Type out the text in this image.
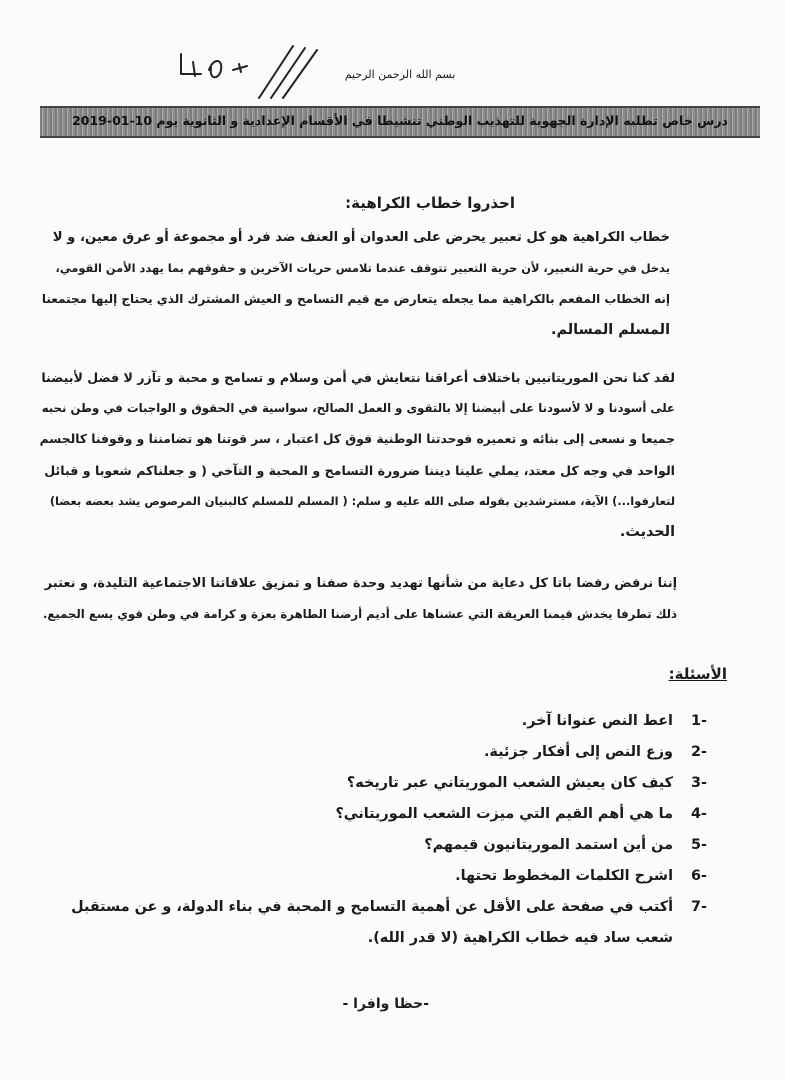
بسم الله الرحمن الرحيم
درس خاص تطلبه الإدارة الجهوية للتهذيب الوطني تنشيطا في الأقسام الإعدادية و الثانوية يوم 10-01-2019
احذروا خطاب الكراهية:
خطاب الكراهية هو كل تعبير يحرض على العدوان أو العنف ضد فرد أو مجموعة أو عرق معين، و لا
يدخل في حرية التعبير، لأن حرية التعبير تتوقف عندما تلامس حريات الآخرين و حقوقهم بما يهدد الأمن القومي،
إنه الخطاب المفعم بالكراهية مما يجعله يتعارض مع قيم التسامح و العيش المشترك الذي يحتاج إليها مجتمعنا
المسلم المسالم.
لقد كنا نحن الموريتانيين باختلاف أعراقنا نتعايش في أمن وسلام و تسامح و محبة و تآزر لا فضل لأبيضنا
على أسودنا و لا لأسودنا على أبيضنا إلا بالتقوى و العمل الصالح، سواسية في الحقوق و الواجبات في وطن نحبه
جميعا و نسعى إلى بنائه و تعميره فوحدتنا الوطنية فوق كل اعتبار ، سر قوتنا هو تضامننا و وقوفنا كالجسم
الواحد في وجه كل معتد، يملي علينا ديننا ضرورة التسامح و المحبة و التآخي ( و جعلناكم شعوبا و قبائل
لتعارفوا...) الآية، مسترشدين بقوله صلى الله عليه و سلم: ( المسلم للمسلم كالبنيان المرصوص يشد بعضه بعضا)
الحديث.
إننا نرفض رفضا باتا كل دعاية من شأنها تهديد وحدة صفنا و تمزيق علاقاتنا الاجتماعية التليدة، و نعتبر
ذلك تطرفا يخدش قيمنا العريقة التي عشناها على أديم أرضنا الطاهرة بعزة و كرامة في وطن قوي يسع الجميع.
الأسئلة:
1-
اعط النص عنوانا آخر.
2-
وزع النص إلى أفكار جزئية.
3-
كيف كان يعيش الشعب الموريتاني عبر تاريخه؟
4-
ما هي أهم القيم التي ميزت الشعب الموريتاني؟
5-
من أين استمد الموريتانيون قيمهم؟
6-
اشرح الكلمات المخطوط تحتها.
7-
أكتب في صفحة على الأقل عن أهمية التسامح و المحبة في بناء الدولة، و عن مستقبل شعب ساد فيه خطاب الكراهية (لا قدر الله).
-حظا وافرا -
